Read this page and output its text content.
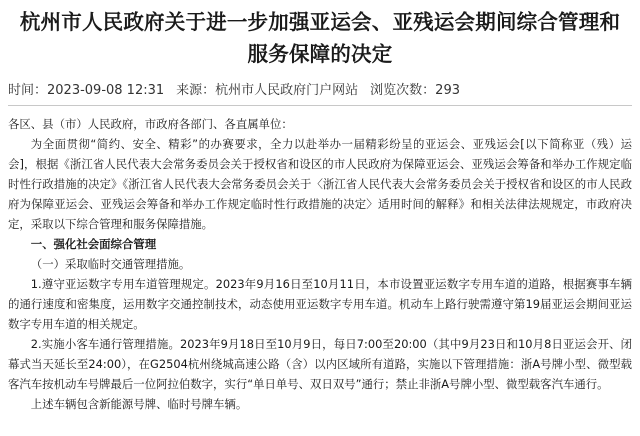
杭州市人民政府关于进一步加强亚运会、亚残运会期间综合管理和
服务保障的决定
时间：2023-09-08 12:31 来源：杭州市人民政府门户网站 浏览次数：293

各区、县（市）人民政府，市政府各部门、各直属单位：

为全面贯彻“简约、安全、精彩”的办赛要求，全力以赴举办一届精彩纷呈的亚运会、亚残运会[以下简称亚（残）运会]，根据《浙江省人民代表大会常务委员会关于授权省和设区的市人民政府为保障亚运会、亚残运会筹备和举办工作规定临时性行政措施的决定》《浙江省人民代表大会常务委员会关于〈浙江省人民代表大会常务委员会关于授权省和设区的市人民政府为保障亚运会、亚残运会筹备和举办工作规定临时性行政措施的决定〉适用时间的解释》和相关法律法规规定，市政府决定，采取以下综合管理和服务保障措施。

一、强化社会面综合管理

（一）采取临时交通管理措施。

1.遵守亚运数字专用车道管理规定。2023年9月16日至10月11日，本市设置亚运数字专用车道的道路，根据赛事车辆的通行速度和密集度，运用数字交通控制技术，动态使用亚运数字专用车道。机动车上路行驶需遵守第19届亚运会期间亚运数字专用车道的相关规定。

2.实施小客车通行管理措施。2023年9月18日至10月9日，每日7:00至20:00（其中9月23日和10月8日亚运会开、闭幕式当天延长至24:00），在G2504杭州绕城高速公路（含）以内区域所有道路，实施以下管理措施：浙A号牌小型、微型载客汽车按机动车号牌最后一位阿拉伯数字，实行“单日单号、双日双号”通行；禁止非浙A号牌小型、微型载客汽车通行。

上述车辆包含新能源号牌、临时号牌车辆。
